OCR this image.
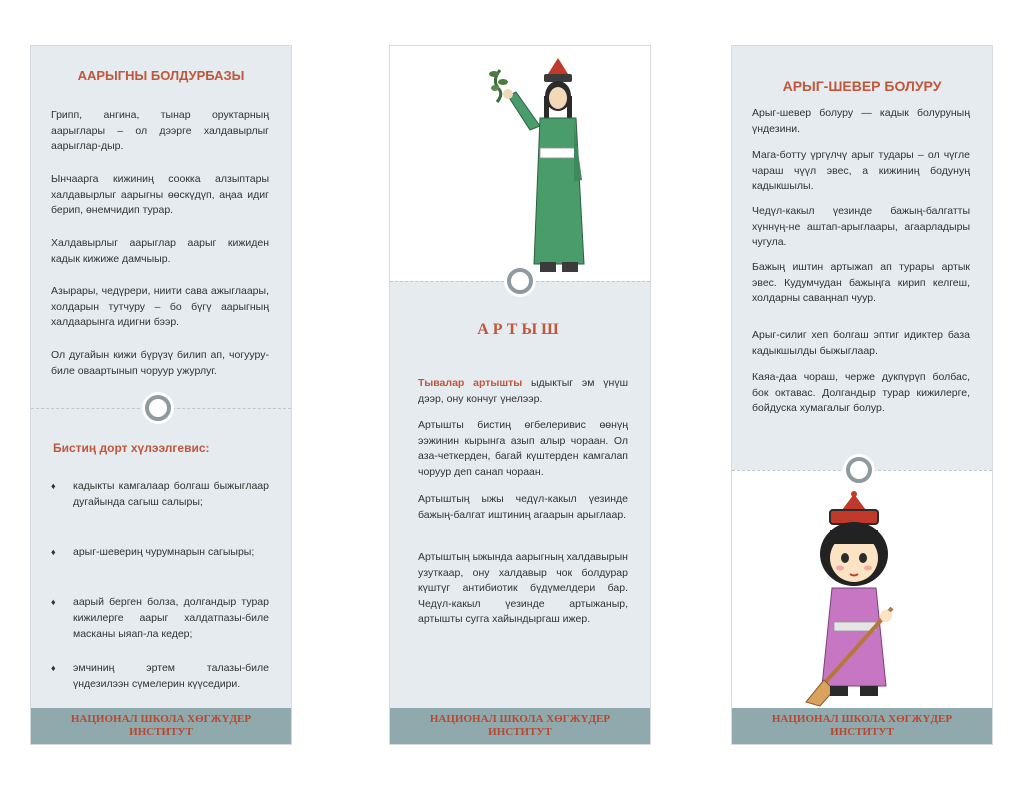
ААРЫГНЫ БОЛДУРБАЗЫ

Грипп, ангина, тынар оруктарның аарыглары – ол дээрге халдавырлыг аарыглар-дыр.

Ынчаарга кижиниң соокка алзыптары халдавырлыг аарыгны өөскүдүп, аңаа идиг берип, өнемчидип турар.

Халдавырлыг аарыглар аарыг кижиден кадык кижиже дамчыыр.

Азырары, чедүрери, ниити сава ажыглаары, холдарын тутчуру – бо бүгү аарыгның халдаарынга идигни бээр.

Ол дугайын кижи бүрүзү билип ап, чогууру-биле оваартынып чоруур ужурлуг.

Бистиң дорт хүлээлгевис:
♦ кадыкты камгалаар болгаш быжыглаар дугайында сагыш салыры;
♦ арыг-шевериң чурумнарын сагыыры;
♦ аарый берген болза, долгандыр турар кижилерге аарыг халдатпазы-биле масканы ыяап-ла кедер;
♦ эмчиниң эртем талазы-биле үндезилээн сүмелерин күүседири.
НАЦИОНАЛ ШКОЛА ХӨГЖҮДЕР
ИНСТИТУТ
АРТЫШ

Тывалар артышты ыдыктыг эм үнүш дээр, ону кончуг үнелээр.

Артышты бистиң өгбелеривис өөнүң ээжинин кырынга азып алыр чораан. Ол аза-четкерден, багай күштерден камгалап чоруур деп санап чораан.

Артыштың ыжы чедүл-какыл үезинде бажың-балгат иштиниң агаарын арыглаар.

Артыштың ыжында аарыгның халдавырын узуткаар, ону халдавыр чок болдурар күштүг антибиотик бүдүмелдери бар. Чедүл-какыл үезинде артыжаныр, артышты сугга хайындыргаш ижер.

НАЦИОНАЛ ШКОЛА ХӨГЖҮДЕР
ИНСТИТУТ
АРЫГ-ШЕВЕР БОЛУРУ

Арыг-шевер болуру — кадык болуруның үндезини.

Мага-ботту үргүлчү арыг тудары – ол чүгле чараш чүүл эвес, а кижиниң бодунуң кадыкшылы.

Чедүл-какыл үезинде бажың-балгатты хүннүң-не аштап-арыглаары, агаарладыры чугула.

Бажың иштин артыжап ап турары артык эвес. Кудумчудан бажыңга кирип келгеш, холдарны саваңнап чуур.

Арыг-силиг хеп болгаш эптиг идиктер база кадыкшылды быжыглаар.

Каяа-даа чораш, черже дукпүрүп болбас, бок октавас. Долгандыр турар кижилерге, бойдуска хумагалыг болур.

НАЦИОНАЛ ШКОЛА ХӨГЖҮДЕР
ИНСТИТУТ
